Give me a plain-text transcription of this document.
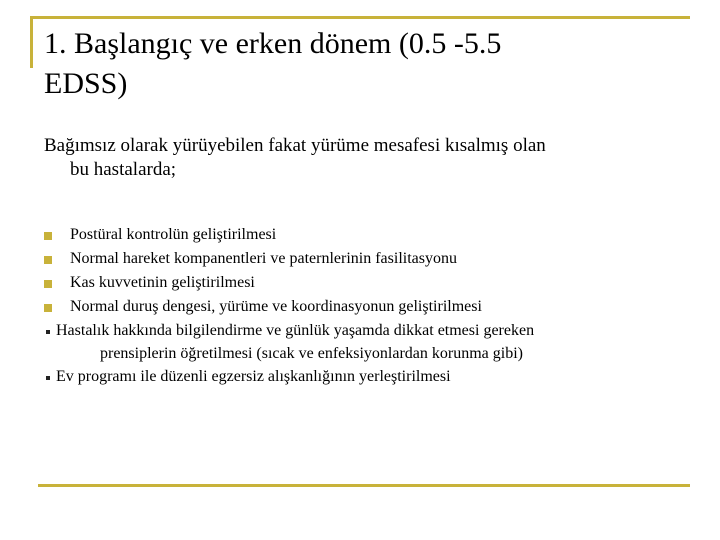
1. Başlangıç ve erken dönem (0.5 -5.5
EDSS)

Bağımsız olarak yürüyebilen fakat yürüme mesafesi kısalmış olan
bu hastalarda;

Postüral kontrolün geliştirilmesi
Normal hareket kompanentleri ve paternlerinin fasilitasyonu
Kas kuvvetinin geliştirilmesi
Normal duruş dengesi, yürüme ve koordinasyonun geliştirilmesi
Hastalık hakkında bilgilendirme ve günlük yaşamda dikkat etmesi gereken
prensiplerin öğretilmesi (sıcak ve enfeksiyonlardan korunma gibi)
Ev programı ile düzenli egzersiz alışkanlığının yerleştirilmesi
